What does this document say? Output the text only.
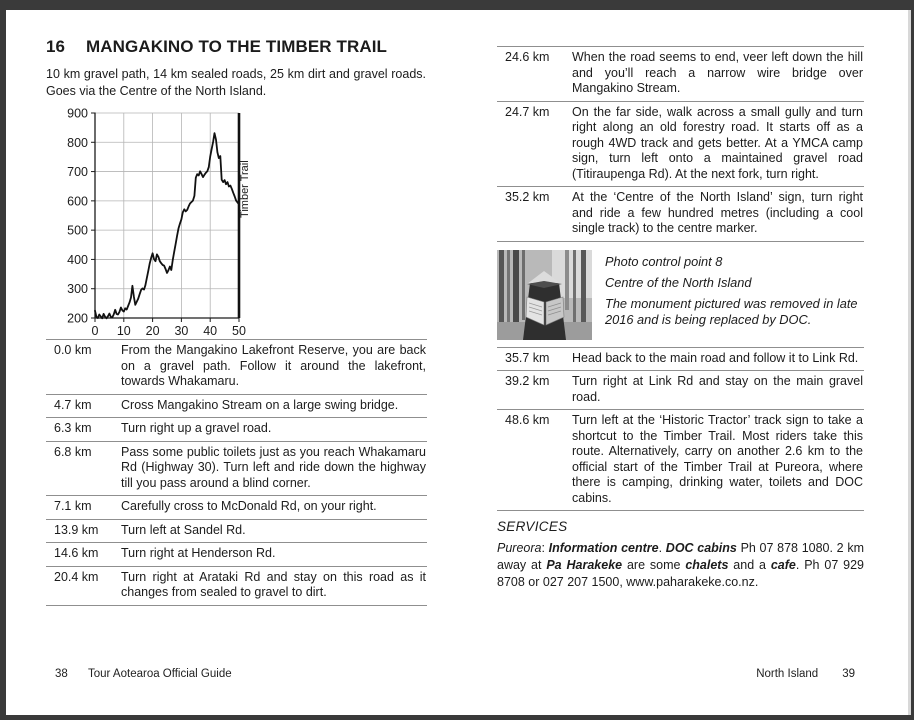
16	MANGAKINO TO THE TIMBER TRAIL

10 km gravel path, 14 km sealed roads, 25 km dirt and gravel roads. Goes via the Centre of the North Island.

200
300
400
500
600
700
800
900
0 10 20 30 40 50
Timber Trail
0.0 km	From the Mangakino Lakefront Reserve, you are back on a gravel path. Follow it around the lakefront, towards Whakamaru.
4.7 km	Cross Mangakino Stream on a large swing bridge.
6.3 km	Turn right up a gravel road.
6.8 km	Pass some public toilets just as you reach Whakamaru Rd (Highway 30). Turn left and ride down the highway till you pass around a blind corner.
7.1 km	Carefully cross to McDonald Rd, on your right.
13.9 km	Turn left at Sandel Rd.
14.6 km	Turn right at Henderson Rd.
20.4 km	Turn right at Arataki Rd and stay on this road as it changes from sealed to gravel to dirt.
24.6 km	When the road seems to end, veer left down the hill and you’ll reach a narrow wire bridge over Mangakino Stream.
24.7 km	On the far side, walk across a small gully and turn right along an old forestry road. It starts off as a rough 4WD track and gets better. At a YMCA camp sign, turn left onto a maintained gravel road (Titiraupenga Rd). At the next fork, turn right.
35.2 km	At the ‘Centre of the North Island’ sign, turn right and ride a few hundred metres (including a cool single track) to the centre marker.

Photo control point 8

Centre of the North Island

The monument pictured was removed in late 2016 and is being replaced by DOC.

35.7 km	Head back to the main road and follow it to Link Rd.
39.2 km	Turn right at Link Rd and stay on the main gravel road.
48.6 km	Turn left at the ‘Historic Tractor’ track sign to take a shortcut to the Timber Trail. Most riders take this route. Alternatively, carry on another 2.6 km to the official start of the Timber Trail at Pureora, where there is camping, drinking water, toilets and DOC cabins.
SERVICES

Pureora: Information centre. DOC cabins Ph 07 878 1080. 2 km away at Pa Harakeke are some chalets and a cafe. Ph 07 929 8708 or 027 207 1500, www.paharakeke.co.nz.

38	Tour Aotearoa Official Guide	North Island 39
